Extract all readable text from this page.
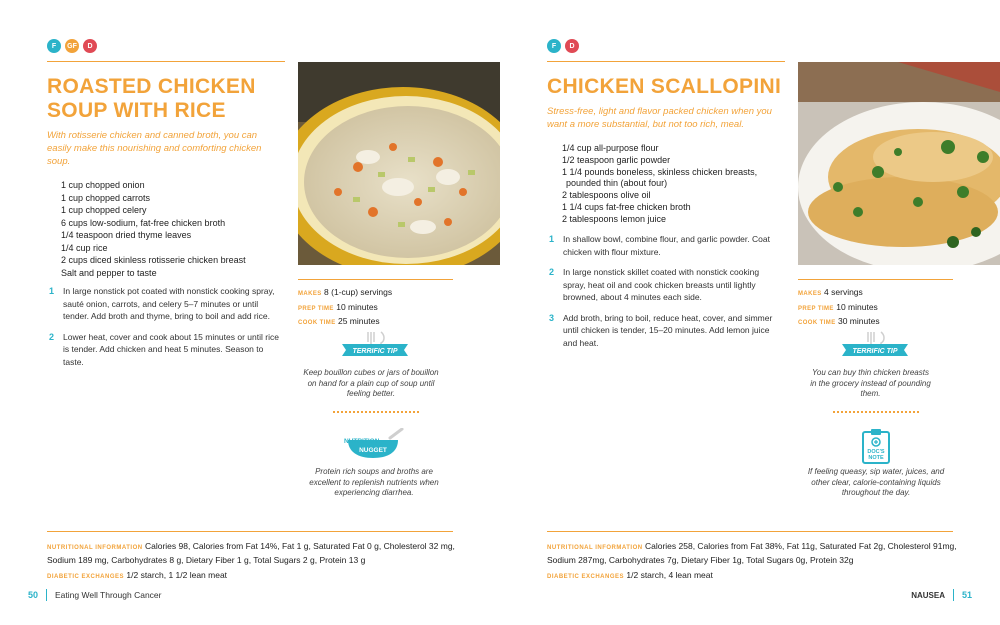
F	GF	D
ROASTED CHICKEN
SOUP WITH RICE

With rotisserie chicken and canned broth, you can easily make this nourishing and comforting chicken soup.

1 cup chopped onion
1 cup chopped carrots
1 cup chopped celery
6 cups low-sodium, fat-free chicken broth
1/4 teaspoon dried thyme leaves
1/4 cup rice
2 cups diced skinless rotisserie chicken breast
Salt and pepper to taste
1 In large nonstick pot coated with nonstick cooking spray, sauté onion, carrots, and celery 5–7 minutes or until tender. Add broth and thyme, bring to boil and add rice.
2 Lower heat, cover and cook about 15 minutes or until rice is tender. Add chicken and heat 5 minutes. Season to taste.
MAKES 8 (1-cup) servings
PREP TIME 10 minutes
COOK TIME 25 minutes
TERRIFIC TIP

Keep bouillon cubes or jars of bouillon on hand for a plain cup of soup until feeling better.

NUTRITION
NUGGET

Protein rich soups and broths are excellent to replenish nutrients when experiencing diarrhea.

NUTRITIONAL INFORMATION Calories 98, Calories from Fat 14%, Fat 1 g, Saturated Fat 0 g, Cholesterol 32 mg,
Sodium 189 mg, Carbohydrates 8 g, Dietary Fiber 1 g, Total Sugars 2 g, Protein 13 g
DIABETIC EXCHANGES 1/2 starch, 1 1/2 lean meat
50 Eating Well Through Cancer
F	D
CHICKEN SCALLOPINI

Stress-free, light and flavor packed chicken when you want a more substantial, but not too rich, meal.

1/4 cup all-purpose flour
1/2 teaspoon garlic powder
1 1/4 pounds boneless, skinless chicken breasts,
pounded thin (about four)
2 tablespoons olive oil
1 1/4 cups fat-free chicken broth
2 tablespoons lemon juice
1 In shallow bowl, combine flour, and garlic powder. Coat chicken with flour mixture.
2 In large nonstick skillet coated with nonstick cooking spray, heat oil and cook chicken breasts until lightly browned, about 4 minutes each side.
3 Add broth, bring to boil, reduce heat, cover, and simmer until chicken is tender, 15–20 minutes. Add lemon juice and heat.
MAKES 4 servings
PREP TIME 10 minutes
COOK TIME 30 minutes
TERRIFIC TIP

You can buy thin chicken breasts in the grocery instead of pounding them.

DOC'S
NOTE

If feeling queasy, sip water, juices, and other clear, calorie-containing liquids throughout the day.

NUTRITIONAL INFORMATION Calories 258, Calories from Fat 38%, Fat 11g, Saturated Fat 2g, Cholesterol 91mg,
Sodium 287mg, Carbohydrates 7g, Dietary Fiber 1g, Total Sugars 0g, Protein 32g
DIABETIC EXCHANGES 1/2 starch, 4 lean meat
NAUSEA 51
